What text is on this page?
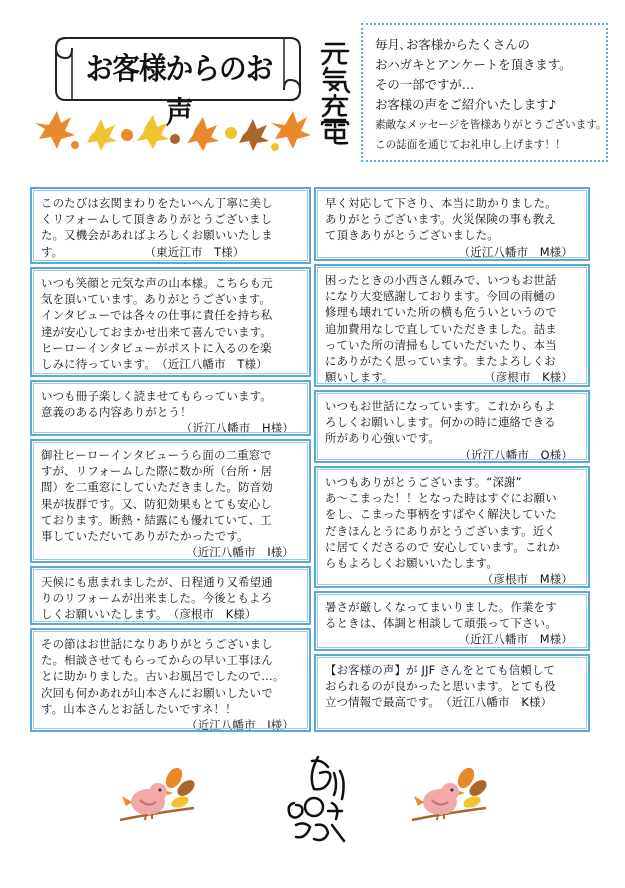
お客様からのお声
毎月､お客様からたくさんの
おハガキとアンケートを頂きます。
その一部ですが…
お客様の声をご紹介いたします♪
素敵なメッセージを皆様ありがとうございます。
この誌面を通じてお礼申し上げます！！
このたびは玄関まわりをたいへん丁寧に美し
くリフォームして頂きありがとうございまし
た。又機会があればよろしくお願いいたしま
す。　　　　　　　　（東近江市　T様）
いつも笑顔と元気な声の山本様。こちらも元
気を頂いています。ありがとうございます。
インタビューでは各々の仕事に責任を持ち私
達が安心しておまかせ出来て喜んでいます。
ヒーローインタビューがポストに入るのを楽
しみに待っています。　（近江八幡市　T様）
いつも冊子楽しく読ませてもらっています。
意義のある内容ありがとう！
（近江八幡市　H様）
御社ヒーローインタビューうら面の二重窓で
すが、リフォームした際に数か所（台所・居
間）を二重窓にしていただきました。防音効
果が抜群です。又、防犯効果もとても安心し
ております。断熱・結露にも優れていて、工
事していただいてありがたかったです。
（近江八幡市　I様）
天候にも恵まれましたが、日程通り又希望通
りのリフォームが出来ました。今後ともよろ
しくお願いいたします。　（彦根市　K様）
その節はお世話になりありがとうございまし
た。相談させてもらってからの早い工事ほん
とに助かりました。古いお風呂でしたので…。
次回も何かあれが山本さんにお願いしたいで
す。山本さんとお話したいですネ！！
（近江八幡市　I様）
早く対応して下さり、本当に助かりました。
ありがとうございます。火災保険の事も教え
て頂きありがとうございました。
（近江八幡市　M様）
困ったときの小西さん頼みで、いつもお世話
になり大変感謝しております。今回の雨樋の
修理も壊れていた所の横も危ういというので
追加費用なしで直していただきました。詰ま
っていた所の清掃もしていただいたり、本当
にありがたく思っています。またよろしくお
願いします。	（彦根市　K様）
いつもお世話になっています。これからもよ
ろしくお願いします。何かの時に連絡できる
所があり心強いです。
（近江八幡市　O様）
いつもありがとうございます。“深謝”
あ～こまった！！となった時はすぐにお願い
をし、こまった事柄をすばやく解決していた
だきほんとうにありがとうございます。近く
に居てくださるので 安心しています。これか
らもよろしくお願いいたします。
（彦根市　M様）
暑さが厳しくなってまいりました。作業をす
るときは、体調と相談して頑張って下さい。
（近江八幡市　M様）
【お客様の声】が JJF さんをとても信頼して
おられるのが良かったと思います。とても役
立つ情報で最高です。　（近江八幡市　K様）
ありがとう
